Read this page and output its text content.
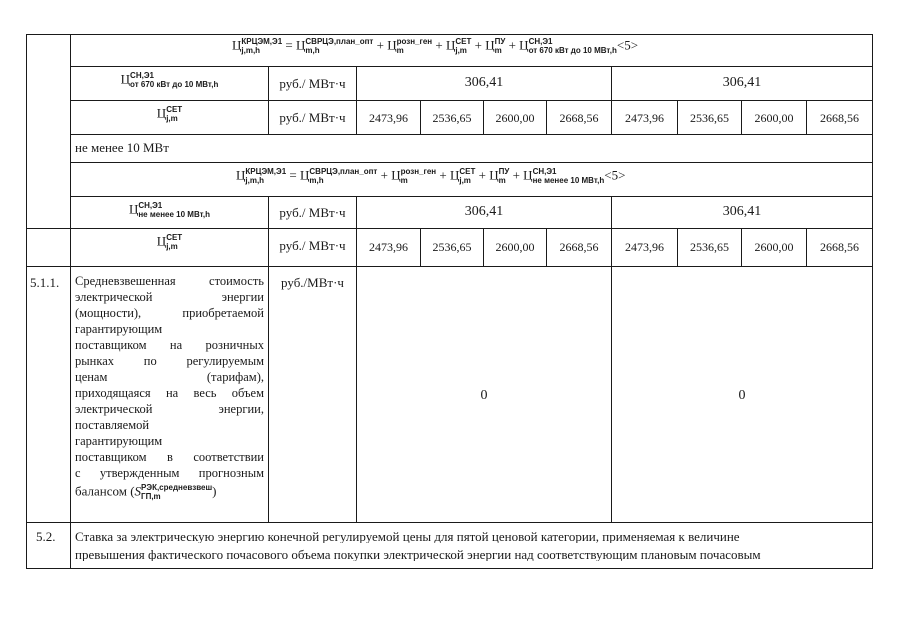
Ц КРЦЭМ,Э1
j,m,h	= Ц СВРЦЭ,план_опт
m,h	+ Ц розн_ген
m	+ Ц СЕТ
j,m + Ц ПУ
m + Ц СН,Э1
от 670 кВт до 10 МВт,h <5>
Ц СН,Э1
от 670 кВт до 10 МВт,h	руб./ МВт·ч	306,41	306,41
Ц СЕТ
j,m	руб./ МВт·ч	2473,96	2536,65	2600,00	2668,56	2473,96	2536,65	2600,00	2668,56
не менее 10 МВт
Ц КРЦЭМ,Э1
j,m,h	= Ц СВРЦЭ,план_опт
m,h	+ Ц розн_ген
m	+ Ц СЕТ
j,m + Ц ПУ
m + Ц СН,Э1
не менее 10 МВт,h <5>
Ц СН,Э1
не менее 10 МВт,h	руб./ МВт·ч	306,41	306,41
Ц СЕТ
j,m	руб./ МВт·ч	2473,96	2536,65	2600,00	2668,56	2473,96	2536,65	2600,00	2668,56
5.1.1. Средневзвешенная стоимость
электрической энергии
(мощности), приобретаемой
гарантирующим
поставщиком на розничных
рынках по регулируемым
ценам (тарифам),
приходящаяся на весь объем
электрической энергии,
поставляемой
гарантирующим
поставщиком в соответствии
с утвержденным прогнозным
балансом (S РЭК,средневзвеш
ГП,m	)
руб./МВт·ч
0	0
5.2. Ставка за электрическую энергию конечной регулируемой цены для пятой ценовой категории, применяемая к величине
превышения фактического почасового объема покупки электрической энергии над соответствующим плановым почасовым
